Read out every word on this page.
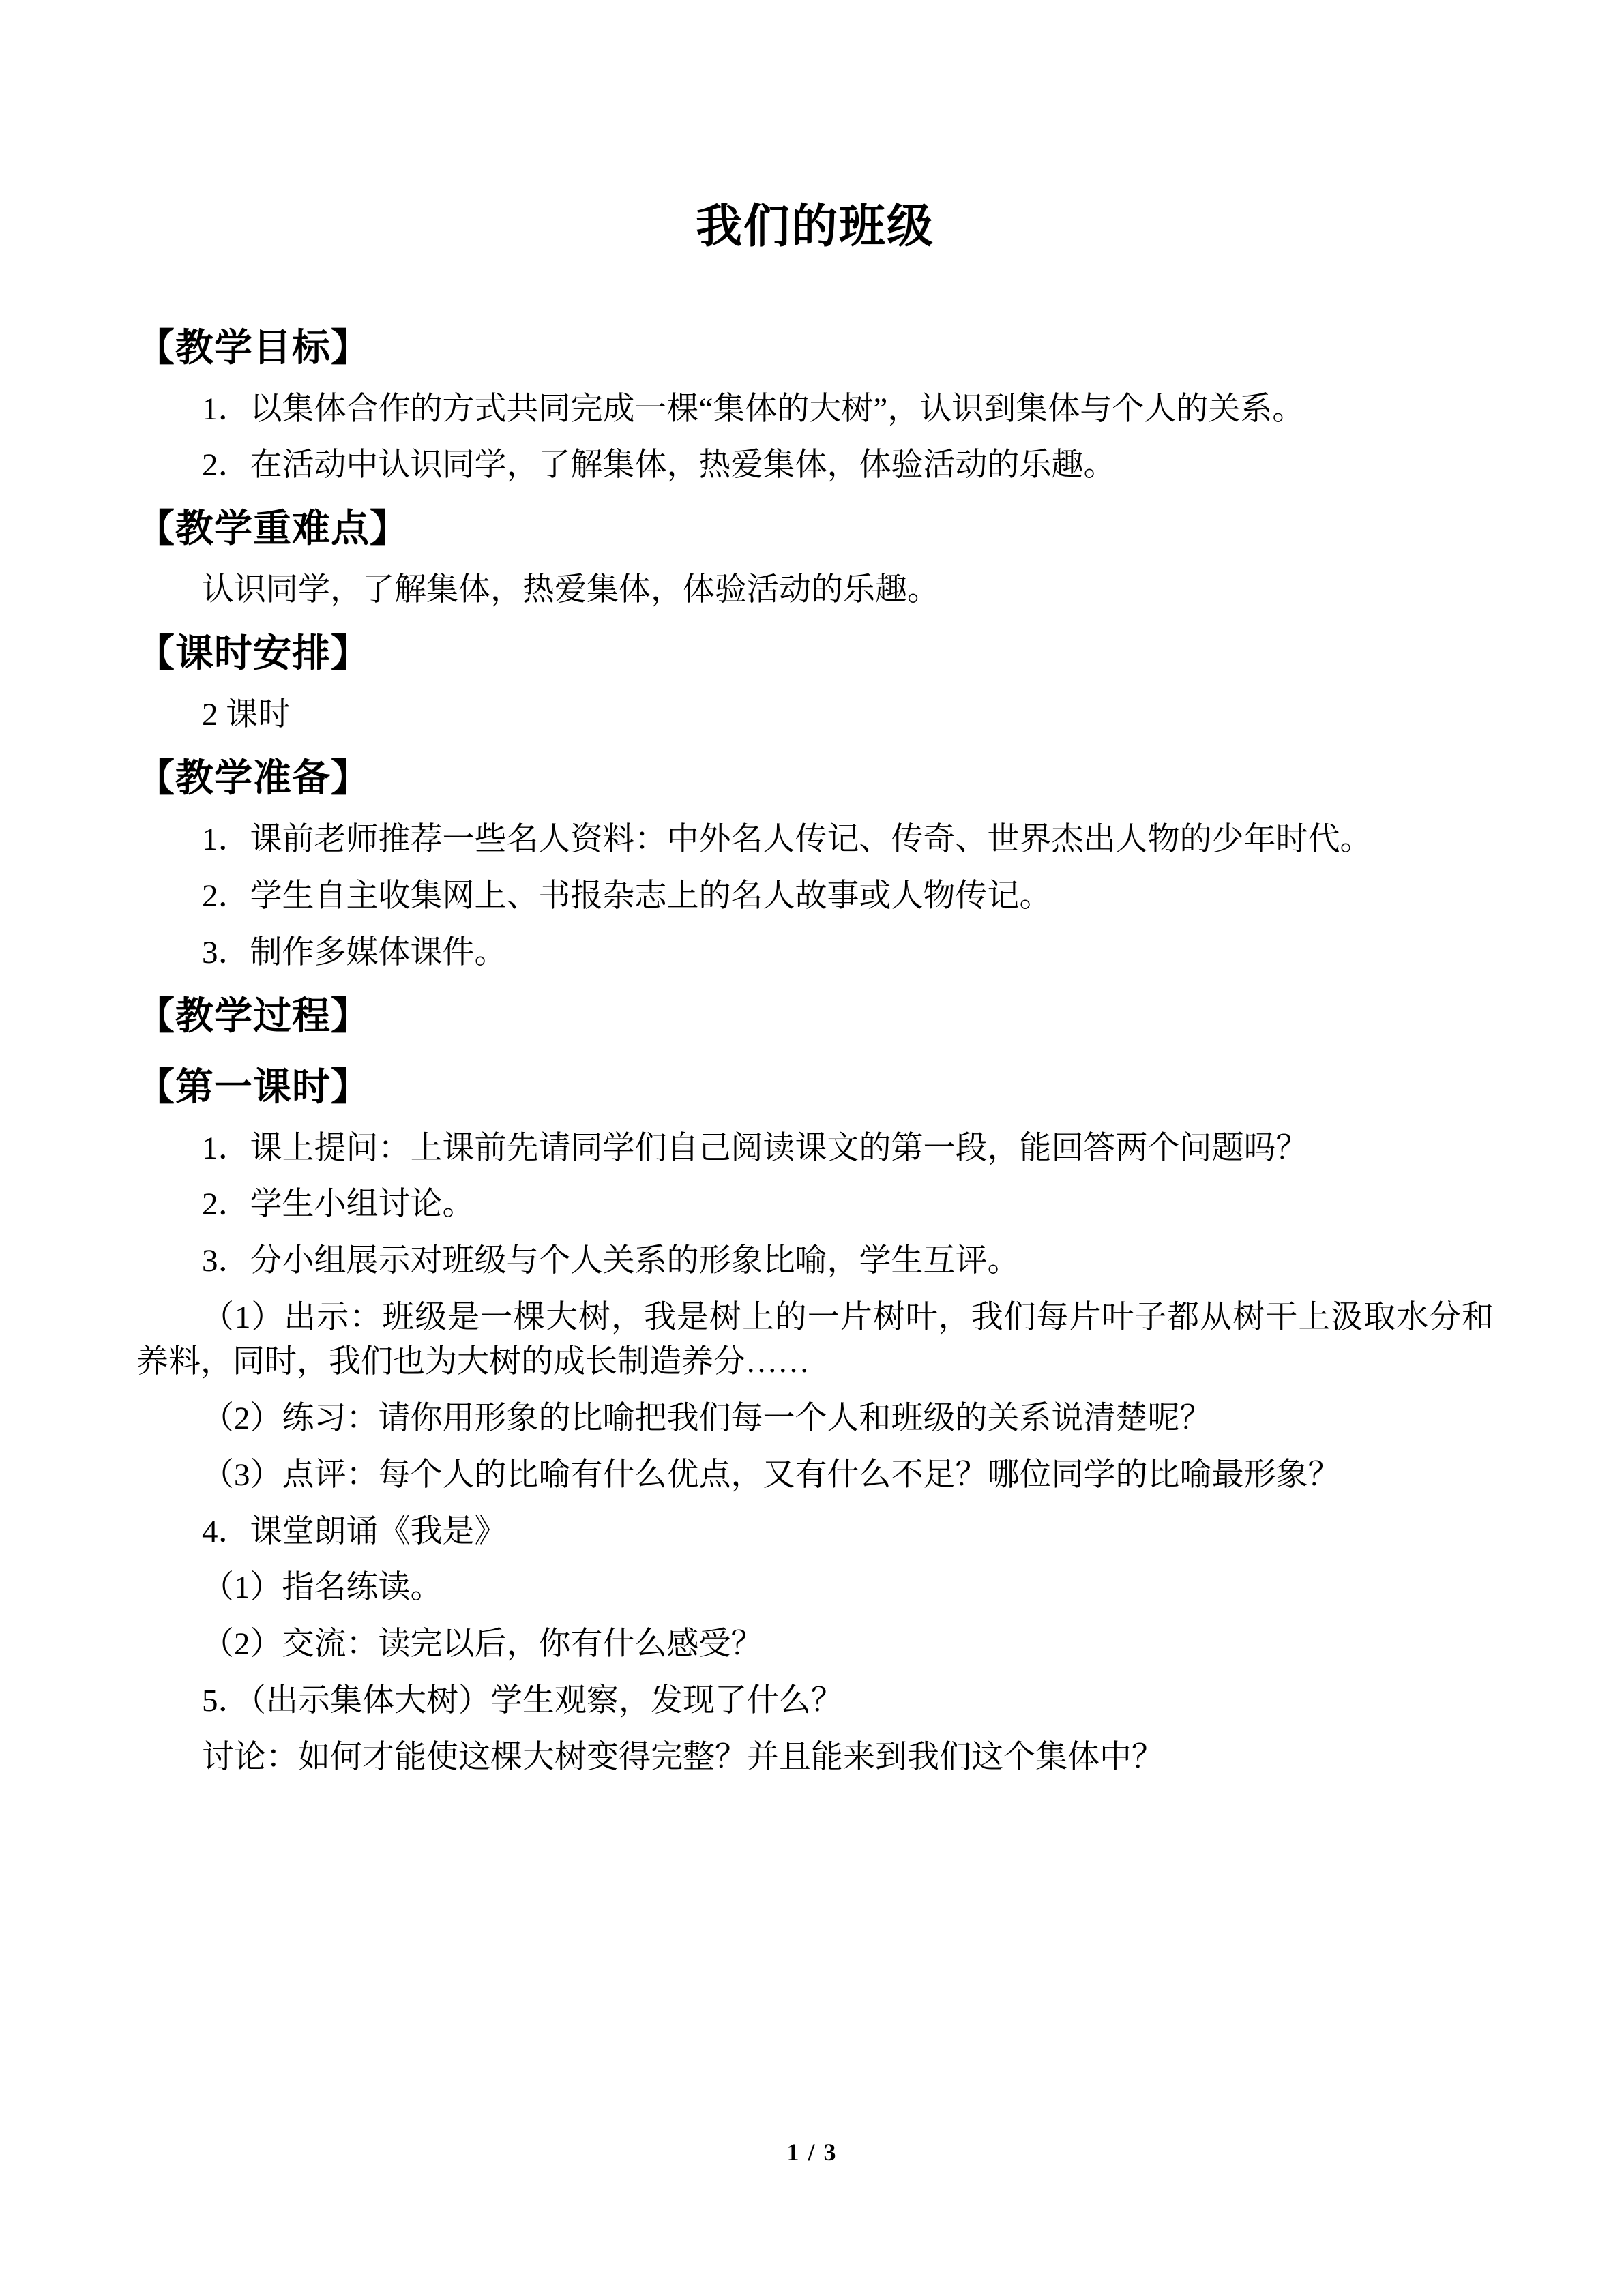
我们的班级
【教学目标】

1．以集体合作的方式共同完成一棵“集体的大树”，认识到集体与个人的关系。

2．在活动中认识同学，了解集体，热爱集体，体验活动的乐趣。

【教学重难点】

认识同学，了解集体，热爱集体，体验活动的乐趣。

【课时安排】

2 课时

【教学准备】

1．课前老师推荐一些名人资料：中外名人传记、传奇、世界杰出人物的少年时代。

2．学生自主收集网上、书报杂志上的名人故事或人物传记。

3．制作多媒体课件。

【教学过程】
【第一课时】

1．课上提问：上课前先请同学们自己阅读课文的第一段，能回答两个问题吗？

2．学生小组讨论。

3．分小组展示对班级与个人关系的形象比喻，学生互评。

（1）出示：班级是一棵大树，我是树上的一片树叶，我们每片叶子都从树干上汲取水分和养料，同时，我们也为大树的成长制造养分……

（2）练习：请你用形象的比喻把我们每一个人和班级的关系说清楚呢？

（3）点评：每个人的比喻有什么优点，又有什么不足？哪位同学的比喻最形象？

4．课堂朗诵《我是》

（1）指名练读。

（2）交流：读完以后，你有什么感受？

5．（出示集体大树）学生观察，发现了什么？

讨论：如何才能使这棵大树变得完整？并且能来到我们这个集体中？

1 / 3
